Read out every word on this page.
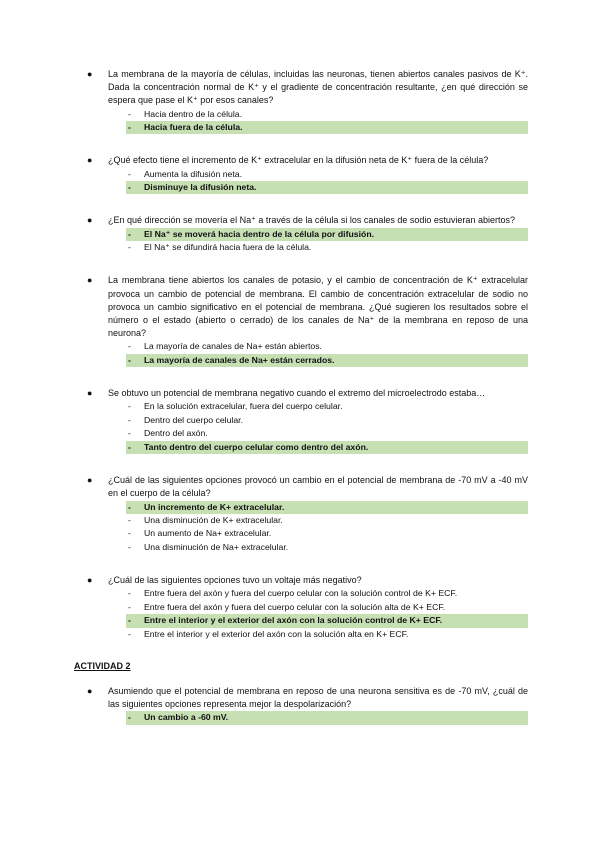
● La membrana de la mayoría de células, incluidas las neuronas, tienen abiertos canales pasivos de K⁺. Dada la concentración normal de K⁺ y el gradiente de concentración resultante, ¿en qué dirección se espera que pase el K⁺ por esos canales?
- Hacia dentro de la célula.
- Hacia fuera de la célula.
● ¿Qué efecto tiene el incremento de K⁺ extracelular en la difusión neta de K⁺ fuera de la célula?
- Aumenta la difusión neta.
- Disminuye la difusión neta.
● ¿En qué dirección se movería el Na⁺ a través de la célula si los canales de sodio estuvieran abiertos?
- El Na⁺ se moverá hacia dentro de la célula por difusión.
- El Na⁺ se difundirá hacia fuera de la célula.
● La membrana tiene abiertos los canales de potasio, y el cambio de concentración de K⁺ extracelular provoca un cambio de potencial de membrana. El cambio de concentración extracelular de sodio no provoca un cambio significativo en el potencial de membrana. ¿Qué sugieren los resultados sobre el número o el estado (abierto o cerrado) de los canales de Na⁺ de la membrana en reposo de una neurona?
- La mayoría de canales de Na+ están abiertos.
- La mayoría de canales de Na+ están cerrados.
● Se obtuvo un potencial de membrana negativo cuando el extremo del microelectrodo estaba…
- En la solución extracelular, fuera del cuerpo celular.
- Dentro del cuerpo celular.
- Dentro del axón.
- Tanto dentro del cuerpo celular como dentro del axón.
● ¿Cuál de las siguientes opciones provocó un cambio en el potencial de membrana de -70 mV a -40 mV en el cuerpo de la célula?
- Un incremento de K+ extracelular.
- Una disminución de K+ extracelular.
- Un aumento de Na+ extracelular.
- Una disminución de Na+ extracelular.
● ¿Cuál de las siguientes opciones tuvo un voltaje más negativo?
- Entre fuera del axón y fuera del cuerpo celular con la solución control de K+ ECF.
- Entre fuera del axón y fuera del cuerpo celular con la solución alta de K+ ECF.
- Entre el interior y el exterior del axón con la solución control de K+ ECF.
- Entre el interior y el exterior del axón con la solución alta en K+ ECF.
ACTIVIDAD 2
● Asumiendo que el potencial de membrana en reposo de una neurona sensitiva es de -70 mV, ¿cuál de las siguientes opciones representa mejor la despolarización?
- Un cambio a -60 mV.
